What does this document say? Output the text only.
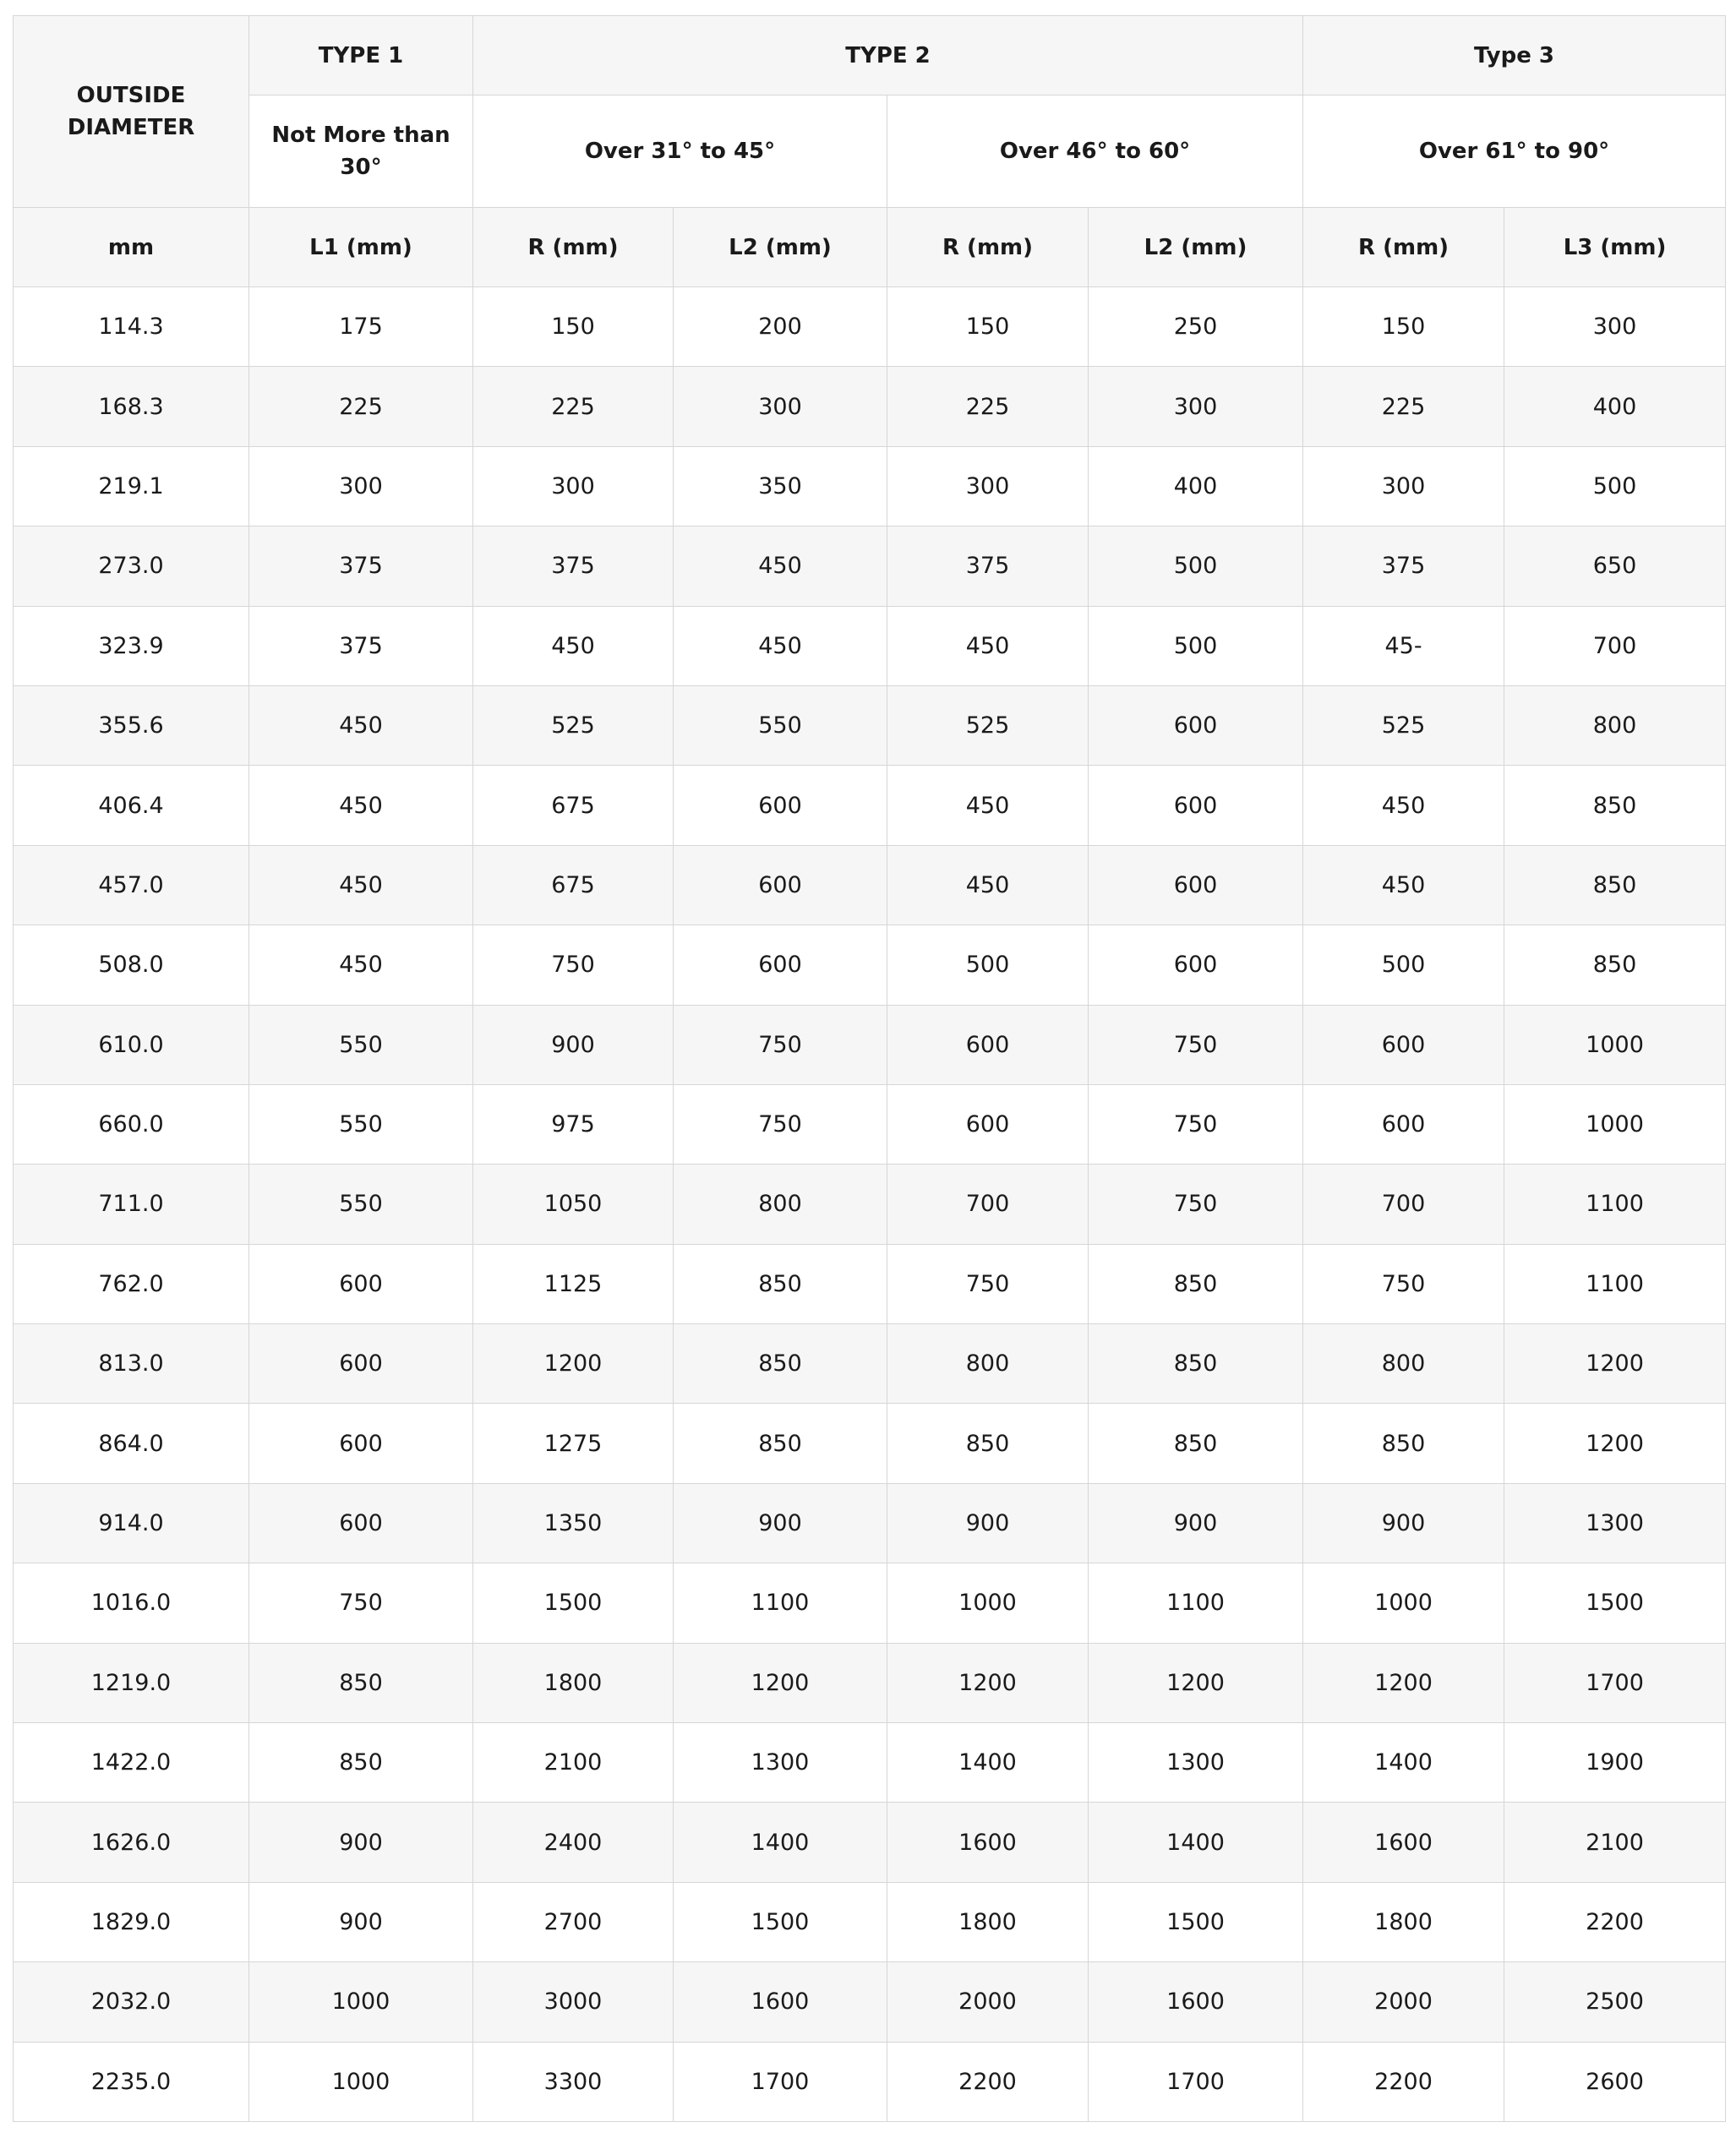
OUTSIDE DIAMETER	TYPE 1	TYPE 2				Type 3	
	Not More than 30°	Over 31° to 45°		Over 46° to 60°		Over 61° to 90°	
mm	L1 (mm)	R (mm)	L2 (mm)	R (mm)	L2 (mm)	R (mm)	L3 (mm)
114.3	175	150	200	150	250	150	300
168.3	225	225	300	225	300	225	400
219.1	300	300	350	300	400	300	500
273.0	375	375	450	375	500	375	650
323.9	375	450	450	450	500	45-	700
355.6	450	525	550	525	600	525	800
406.4	450	675	600	450	600	450	850
457.0	450	675	600	450	600	450	850
508.0	450	750	600	500	600	500	850
610.0	550	900	750	600	750	600	1000
660.0	550	975	750	600	750	600	1000
711.0	550	1050	800	700	750	700	1100
762.0	600	1125	850	750	850	750	1100
813.0	600	1200	850	800	850	800	1200
864.0	600	1275	850	850	850	850	1200
914.0	600	1350	900	900	900	900	1300
1016.0	750	1500	1100	1000	1100	1000	1500
1219.0	850	1800	1200	1200	1200	1200	1700
1422.0	850	2100	1300	1400	1300	1400	1900
1626.0	900	2400	1400	1600	1400	1600	2100
1829.0	900	2700	1500	1800	1500	1800	2200
2032.0	1000	3000	1600	2000	1600	2000	2500
2235.0	1000	3300	1700	2200	1700	2200	2600
